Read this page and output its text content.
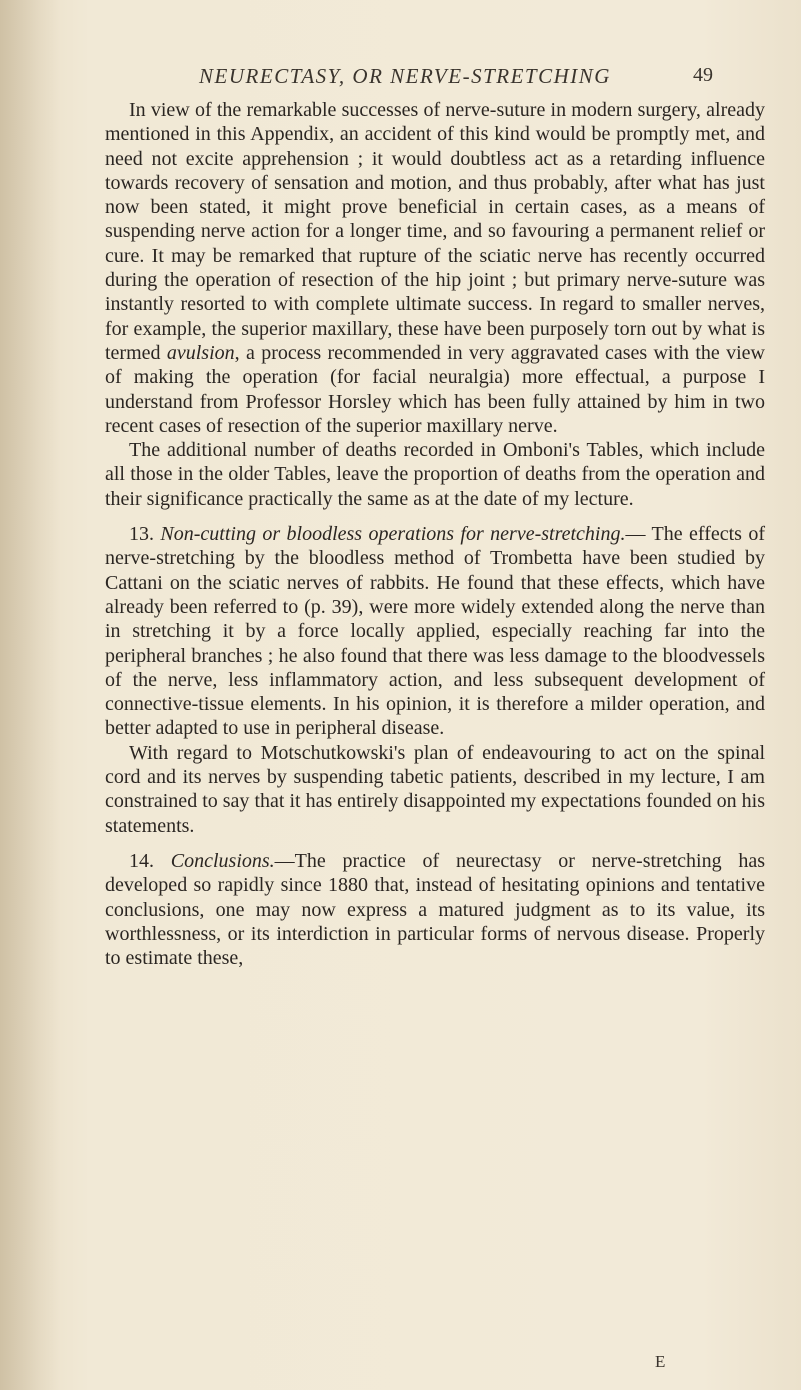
NEURECTASY, OR NERVE-STRETCHING	49

In view of the remarkable successes of nerve-suture in modern surgery, already mentioned in this Appendix, an accident of this kind would be promptly met, and need not excite apprehension ; it would doubtless act as a retarding influence towards recovery of sensation and motion, and thus probably, after what has just now been stated, it might prove beneficial in certain cases, as a means of suspending nerve action for a longer time, and so favouring a permanent relief or cure. It may be remarked that rupture of the sciatic nerve has recently occurred during the operation of resection of the hip joint ; but primary nerve-suture was instantly resorted to with complete ultimate success. In regard to smaller nerves, for example, the superior maxillary, these have been purposely torn out by what is termed avulsion, a process recommended in very aggravated cases with the view of making the operation (for facial neuralgia) more effectual, a purpose I understand from Professor Horsley which has been fully attained by him in two recent cases of resection of the superior maxillary nerve.

The additional number of deaths recorded in Omboni's Tables, which include all those in the older Tables, leave the proportion of deaths from the operation and their significance practically the same as at the date of my lecture.

13. Non-cutting or bloodless operations for nerve-stretching.— The effects of nerve-stretching by the bloodless method of Trombetta have been studied by Cattani on the sciatic nerves of rabbits. He found that these effects, which have already been referred to (p. 39), were more widely extended along the nerve than in stretching it by a force locally applied, especially reaching far into the peripheral branches ; he also found that there was less damage to the bloodvessels of the nerve, less inflammatory action, and less subsequent development of connective-tissue elements. In his opinion, it is therefore a milder operation, and better adapted to use in peripheral disease.

With regard to Motschutkowski's plan of endeavouring to act on the spinal cord and its nerves by suspending tabetic patients, described in my lecture, I am constrained to say that it has entirely disappointed my expectations founded on his statements.

14. Conclusions.—The practice of neurectasy or nerve-stretching has developed so rapidly since 1880 that, instead of hesitating opinions and tentative conclusions, one may now express a matured judgment as to its value, its worthlessness, or its interdiction in particular forms of nervous disease. Properly to estimate these,

E
